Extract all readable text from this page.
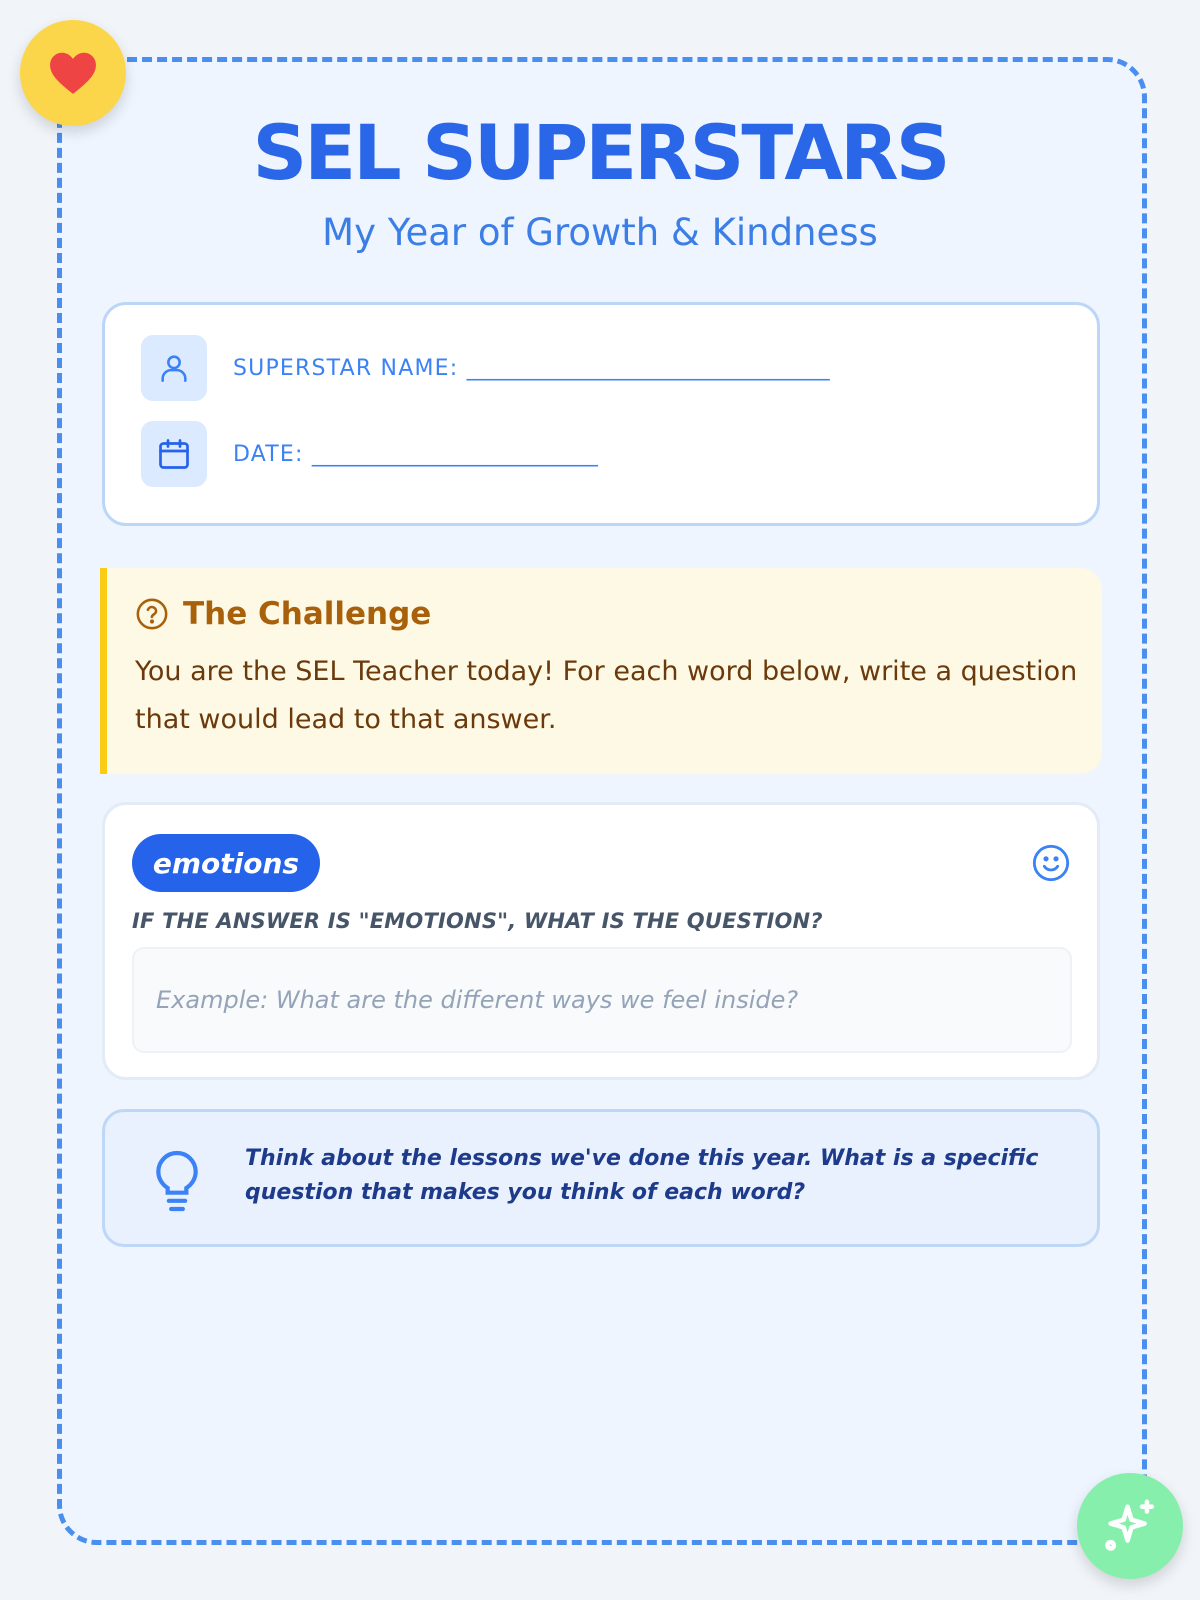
SEL SUPERSTARS
My Year of Growth & Kindness
SUPERSTAR NAME: _________________________________
DATE: __________________________
The Challenge
You are the SEL Teacher today! For each word below, write a question that would lead to that answer.
emotions
IF THE ANSWER IS "EMOTIONS", WHAT IS THE QUESTION?
Example: What are the different ways we feel inside?
Think about the lessons we've done this year. What is a specific question that makes you think of each word?
